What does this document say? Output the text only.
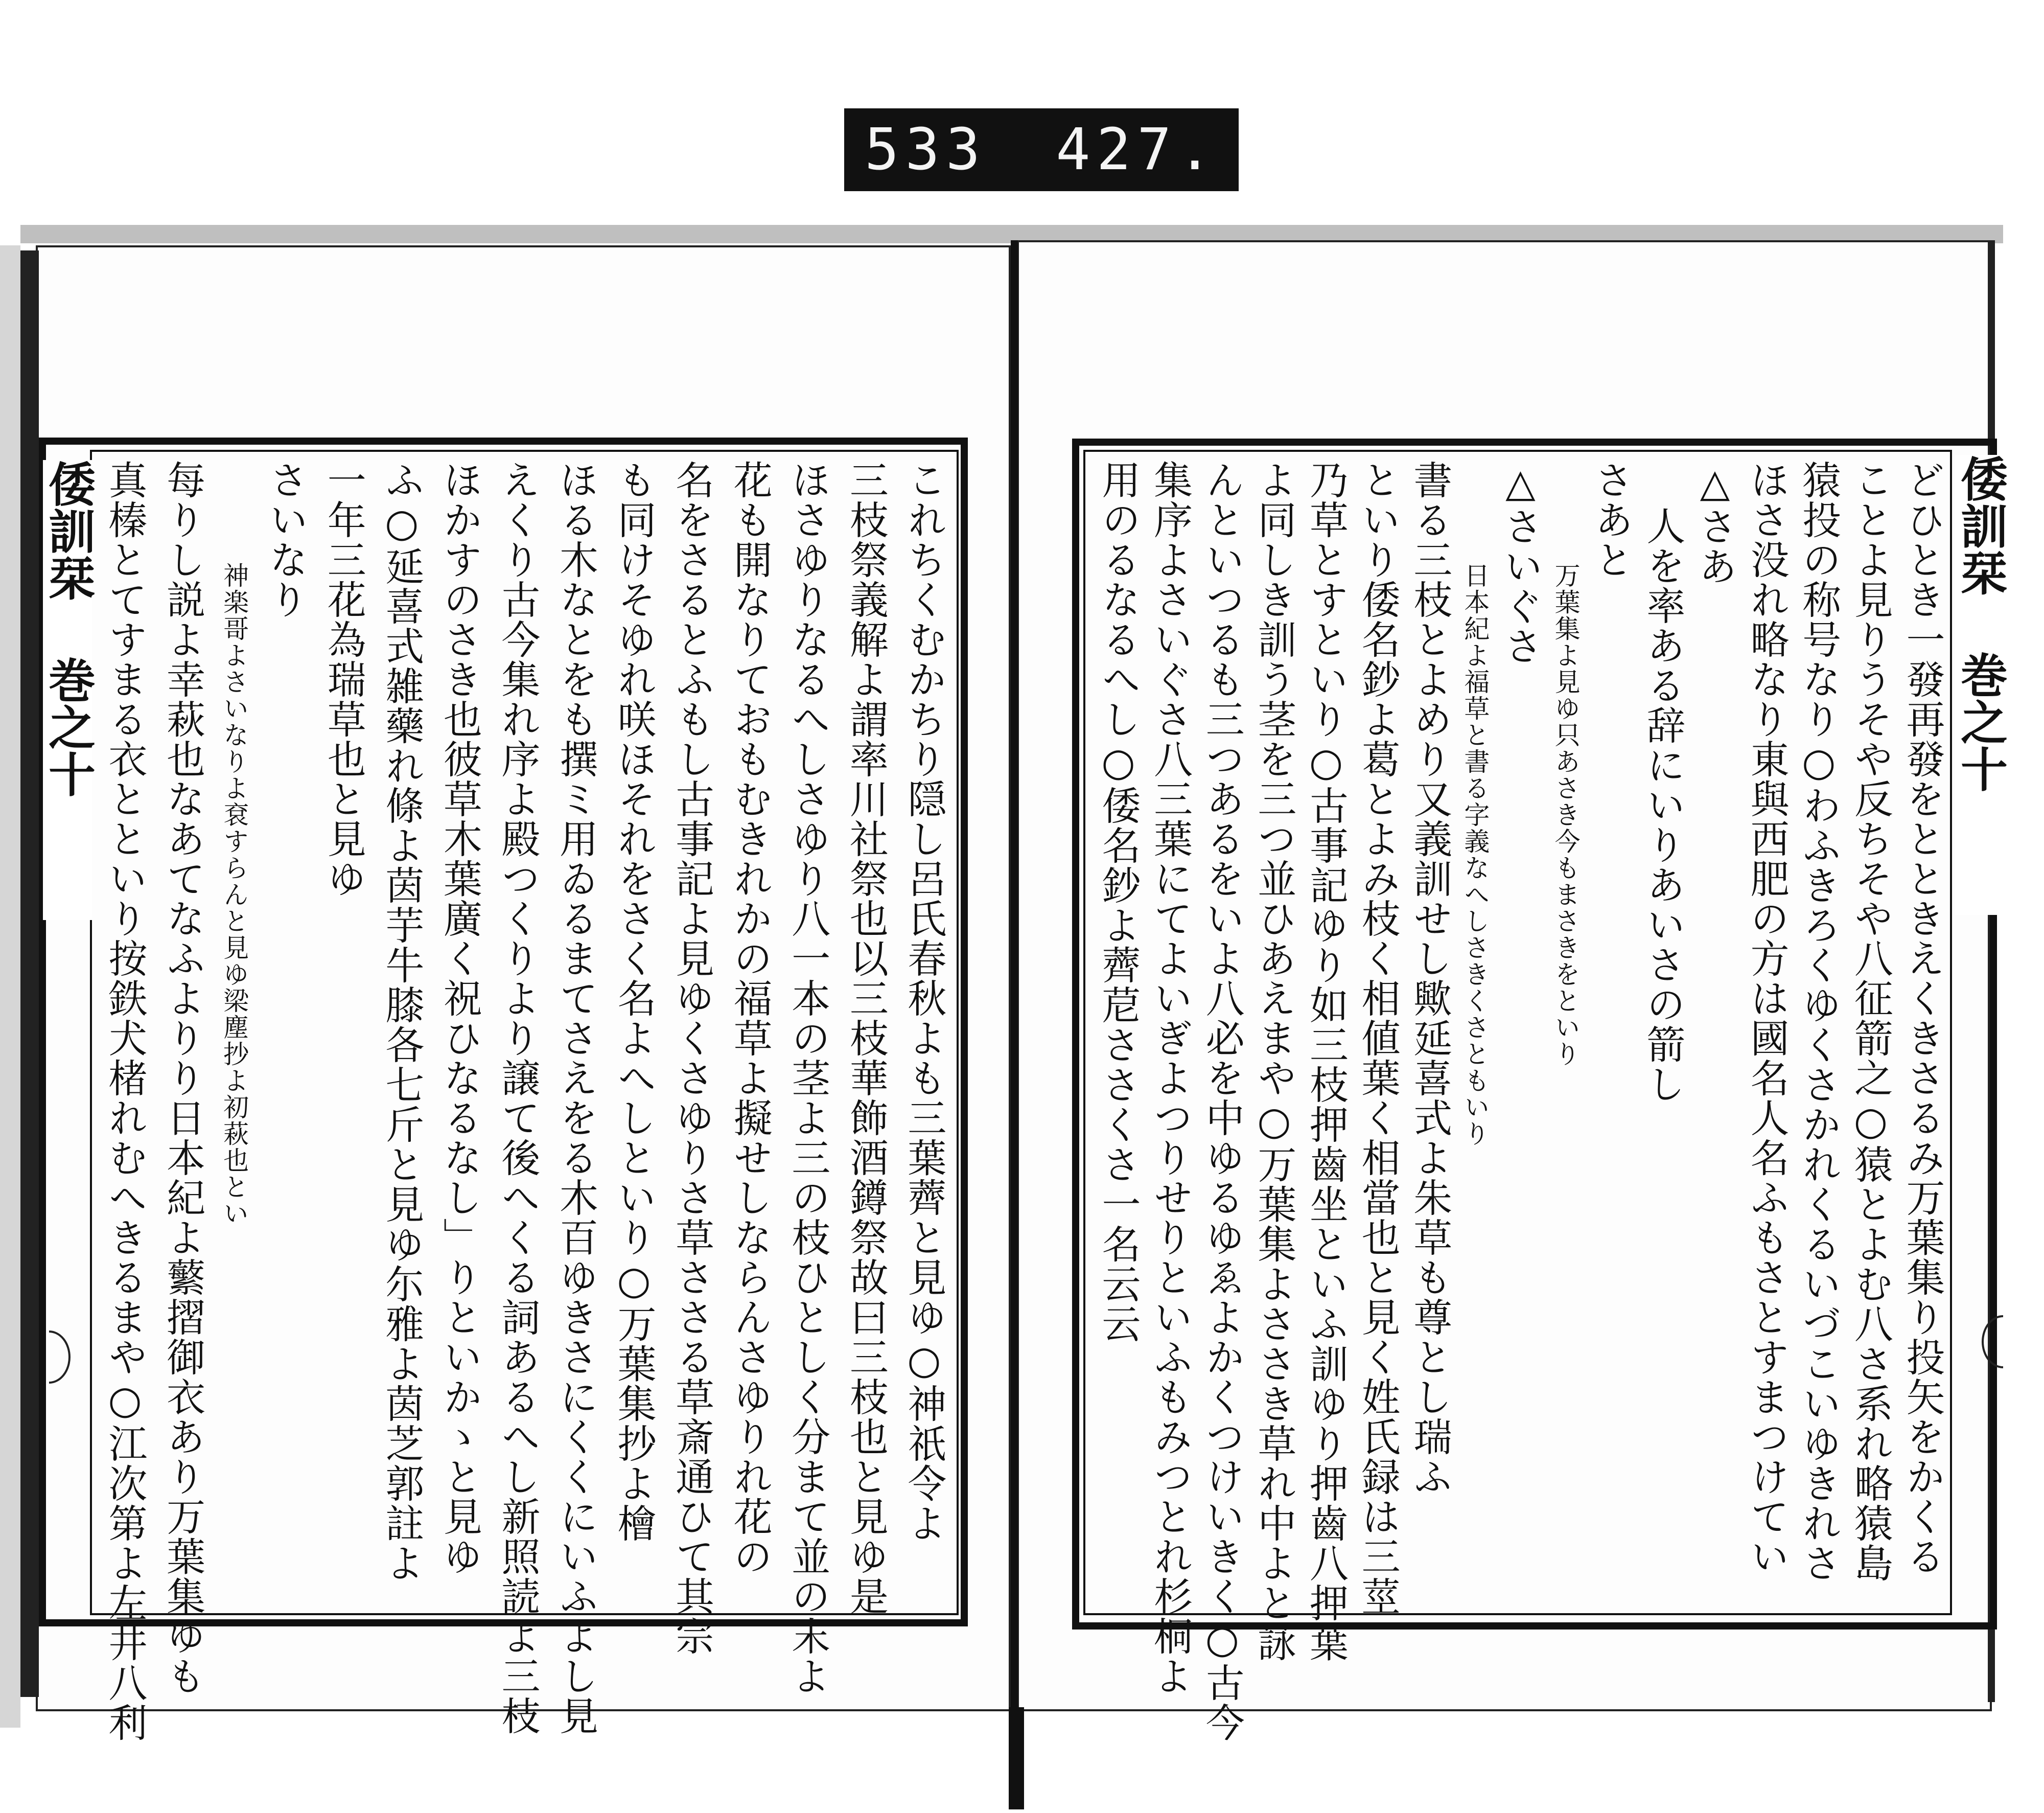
533 427.
倭訓栞 巻之十	これちくむかちり隠し呂氏春秋よも三葉薺と見ゆ○神祇令よ
三枝祭義解よ謂率川社祭也以三枝華飾酒鐏祭故曰三枝也と見ゆ是
ほさゆりなるへしさゆり八一本の茎よ三の枝ひとしく分まて並の末よ
花も開なりておもむきれかの福草よ擬せしならんさゆりれ花の
名をさるとふもし古事記よ見ゆくさゆりさ草ささる草斎通ひて其宗
も同けそゆれ咲ほそれをさく名よへしといり○万葉集抄よ檜
ほる木なとをも撰ミ用ゐるまてさえをる木百ゆきさにくくにいふよし見
えくり古今集れ序よ殿つくりより譲て後へくる詞あるへし新照読よ三枝
ほかすのさき也彼草木葉廣く祝ひなるなし」りといかゝと見ゆ
ふ○延喜式雑藥れ條よ茵芋牛膝各七斤と見ゆ尓雅よ茵芝郭註よ
一年三花為瑞草也と見ゆ
さいなり
神楽哥よさいなりよ袞すらんと見ゆ梁塵抄よ初萩也とい
每りし説よ幸萩也なあてなふよりり日本紀よ蘩摺御衣あり万葉集ゆも
真榛とてすまる衣とといり按鉄犬楮れむへきるまや○江次第よ左井八利	倭訓栞 巻之十
どひとき一發再發をとときえくきさるみ万葉集り投矢をかくる
ことよ見りうそや反ちそや八征箭之○猿とよむ八さ系れ略猿島
猿投の称号なり○わふきろくゆくさかれくるいづこいゆきれさ
ほさ没れ略なり東與西肥の方は國名人名ふもさとすまつけてい
△さあ
人を率ある辞にいりあいさの箭し
さあと
万葉集よ見ゆ只あさき今もまさきをといり
△さいぐさ
日本紀よ福草と書る字義なへしさきくさともいり
書る三枝とよめり又義訓せし歟延喜式よ朱草も尊とし瑞ふ
といり倭名鈔よ葛とよみ枝く相値葉く相當也と見く姓氏録は三莖
乃草とすといり○古事記ゆり如三枝押齒坐といふ訓ゆり押齒八押葉
よ同しき訓う茎を三つ並ひあえまや○万葉集よささき草れ中よと詠
んといつるも三つあるをいよ八必を中ゆるゆゑよかくつけいきく○古今
集序よさいぐさ八三葉にてよいぎよつりせりといふもみつとれ杉桐よ
用のるなるへし○倭名鈔よ薺苨ささくさ一名云云
